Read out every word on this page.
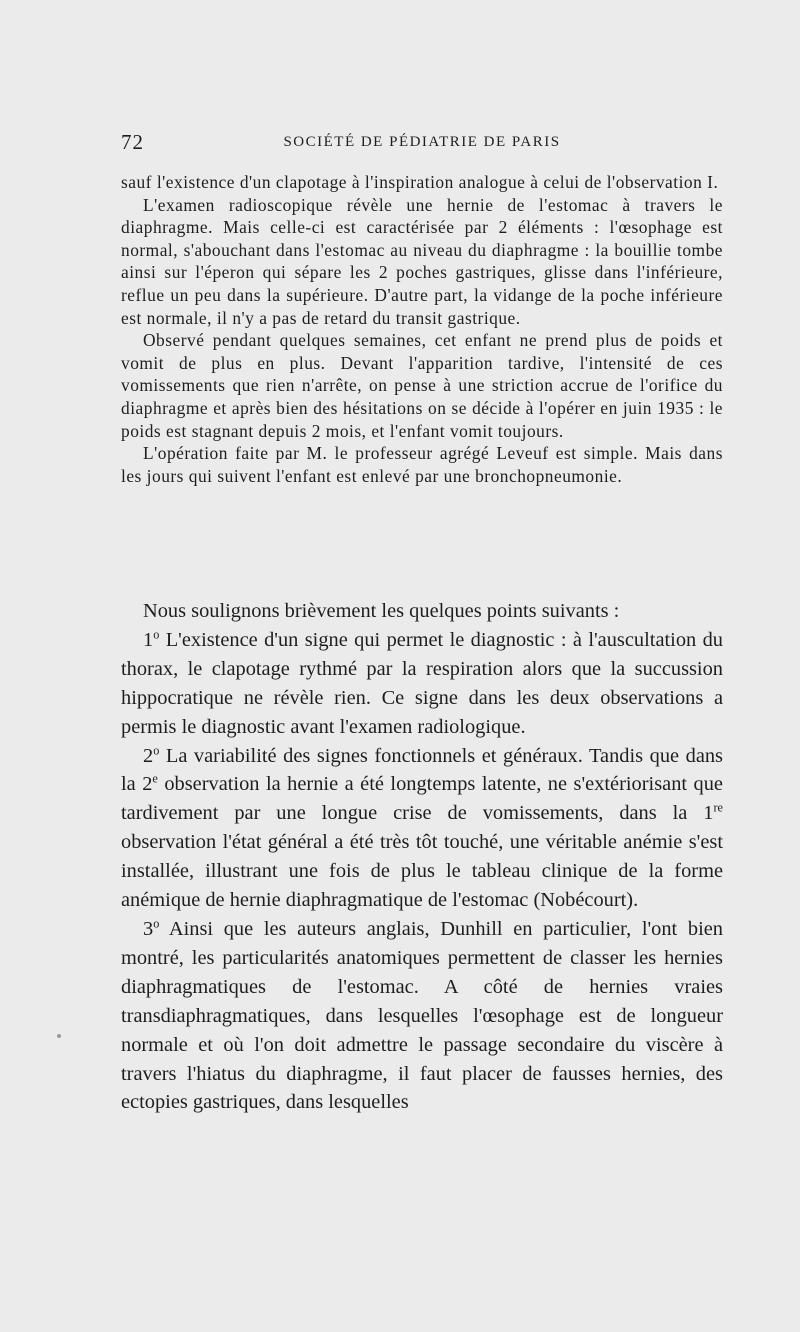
72	SOCIÉTÉ DE PÉDIATRIE DE PARIS

sauf l'existence d'un clapotage à l'inspiration analogue à celui de l'observation I.

L'examen radioscopique révèle une hernie de l'estomac à travers le diaphragme. Mais celle-ci est caractérisée par 2 éléments : l'œsophage est normal, s'abouchant dans l'estomac au niveau du diaphragme : la bouillie tombe ainsi sur l'éperon qui sépare les 2 poches gastriques, glisse dans l'inférieure, reflue un peu dans la supérieure. D'autre part, la vidange de la poche inférieure est normale, il n'y a pas de retard du transit gastrique.

Observé pendant quelques semaines, cet enfant ne prend plus de poids et vomit de plus en plus. Devant l'apparition tardive, l'intensité de ces vomissements que rien n'arrête, on pense à une striction accrue de l'orifice du diaphragme et après bien des hésitations on se décide à l'opérer en juin 1935 : le poids est stagnant depuis 2 mois, et l'enfant vomit toujours.

L'opération faite par M. le professeur agrégé Leveuf est simple. Mais dans les jours qui suivent l'enfant est enlevé par une bronchopneumonie.

Nous soulignons brièvement les quelques points suivants :

1$^o$ L'existence d'un signe qui permet le diagnostic : à l'auscultation du thorax, le clapotage rythmé par la respiration alors que la succussion hippocratique ne révèle rien. Ce signe dans les deux observations a permis le diagnostic avant l'examen radiologique.

2$^o$ La variabilité des signes fonctionnels et généraux. Tandis que dans la 2e observation la hernie a été longtemps latente, ne s'extériorisant que tardivement par une longue crise de vomissements, dans la 1re observation l'état général a été très tôt touché, une véritable anémie s'est installée, illustrant une fois de plus le tableau clinique de la forme anémique de hernie diaphragmatique de l'estomac (Nobécourt).

3$^o$ Ainsi que les auteurs anglais, Dunhill en particulier, l'ont bien montré, les particularités anatomiques permettent de classer les hernies diaphragmatiques de l'estomac. A côté de hernies vraies transdiaphragmatiques, dans lesquelles l'œsophage est de longueur normale et où l'on doit admettre le passage secondaire du viscère à travers l'hiatus du diaphragme, il faut placer de fausses hernies, des ectopies gastriques, dans lesquelles
